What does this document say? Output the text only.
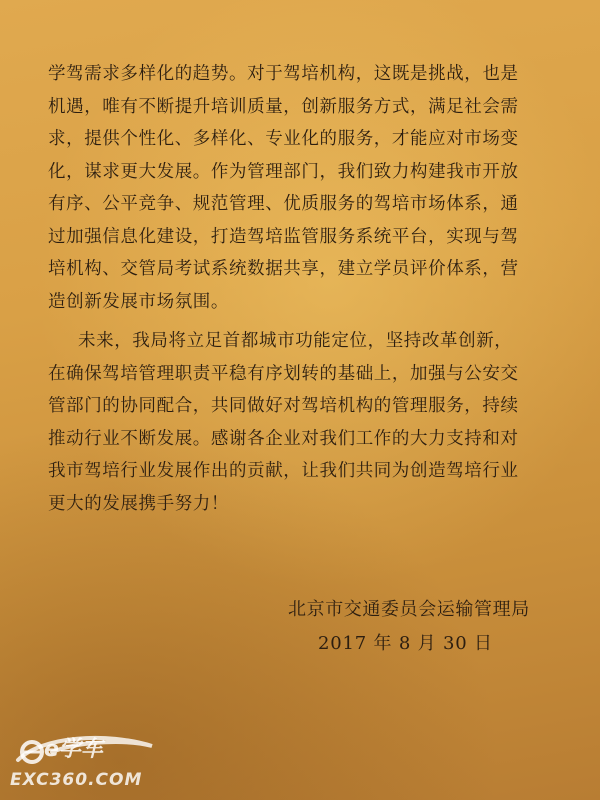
学驾需求多样化的趋势。对于驾培机构，这既是挑战，也是
机遇，唯有不断提升培训质量，创新服务方式，满足社会需
求，提供个性化、多样化、专业化的服务，才能应对市场变
化，谋求更大发展。作为管理部门，我们致力构建我市开放
有序、公平竞争、规范管理、优质服务的驾培市场体系，通
过加强信息化建设，打造驾培监管服务系统平台，实现与驾
培机构、交管局考试系统数据共享，建立学员评价体系，营
造创新发展市场氛围。
未来，我局将立足首都城市功能定位，坚持改革创新，
在确保驾培管理职责平稳有序划转的基础上，加强与公安交
管部门的协同配合，共同做好对驾培机构的管理服务，持续
推动行业不断发展。感谢各企业对我们工作的大力支持和对
我市驾培行业发展作出的贡献，让我们共同为创造驾培行业
更大的发展携手努力！
北京市交通委员会运输管理局
2017 年 8 月 30 日
e学车
EXC360.COM
